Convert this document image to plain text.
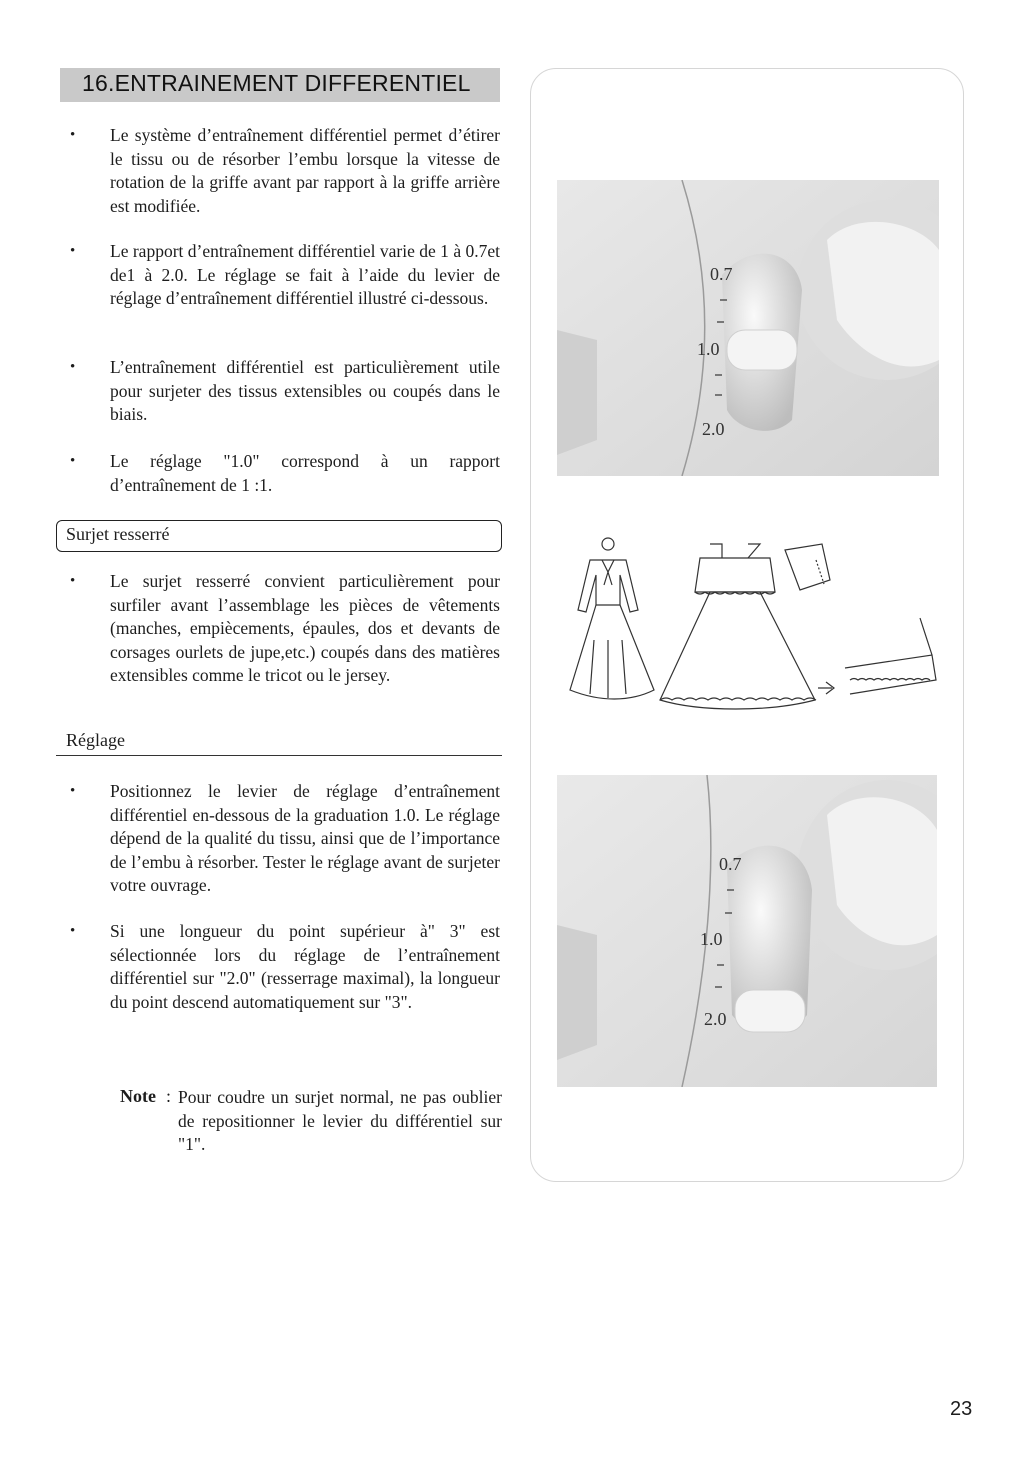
16.ENTRAINEMENT DIFFERENTIEL
• Le système d’entraînement différentiel permet d’étirer le tissu ou de résorber l’embu lorsque la vitesse de rotation de la griffe avant par rapport à la griffe arrière est modifiée.
• Le rapport d’entraînement différentiel varie de 1 à 0.7et de1 à 2.0. Le réglage se fait à l’aide du levier de réglage d’entraînement différentiel illustré ci-dessous.
• L’entraînement différentiel est particulièrement utile pour surjeter des tissus extensibles ou coupés dans le biais.
• Le réglage "1.0" correspond à un rapport d’entraînement de 1 :1.
Surjet resserré
• Le surjet resserré convient particulièrement pour surfiler avant l’assemblage les pièces de vêtements (manches, empiècements, épaules, dos et devants de corsages ourlets de jupe,etc.) coupés dans des matières extensibles comme le tricot ou le jersey.
Réglage
• Positionnez le levier de réglage d’entraînement différentiel en-dessous de la graduation 1.0. Le réglage dépend de la qualité du tissu, ainsi que de l’importance de l’embu à résorber. Tester le réglage avant de surjeter votre ouvrage.
• Si une longueur du point supérieur à" 3" est sélectionnée lors du réglage de l’entraînement différentiel sur "2.0" (resserrage maximal), la longueur du point descend automatiquement sur "3".
Note : Pour coudre un surjet normal, ne pas oublier de repositionner le levier du différentiel sur "1".
0.7
1.0
2.0
0.7
1.0
2.0
23
